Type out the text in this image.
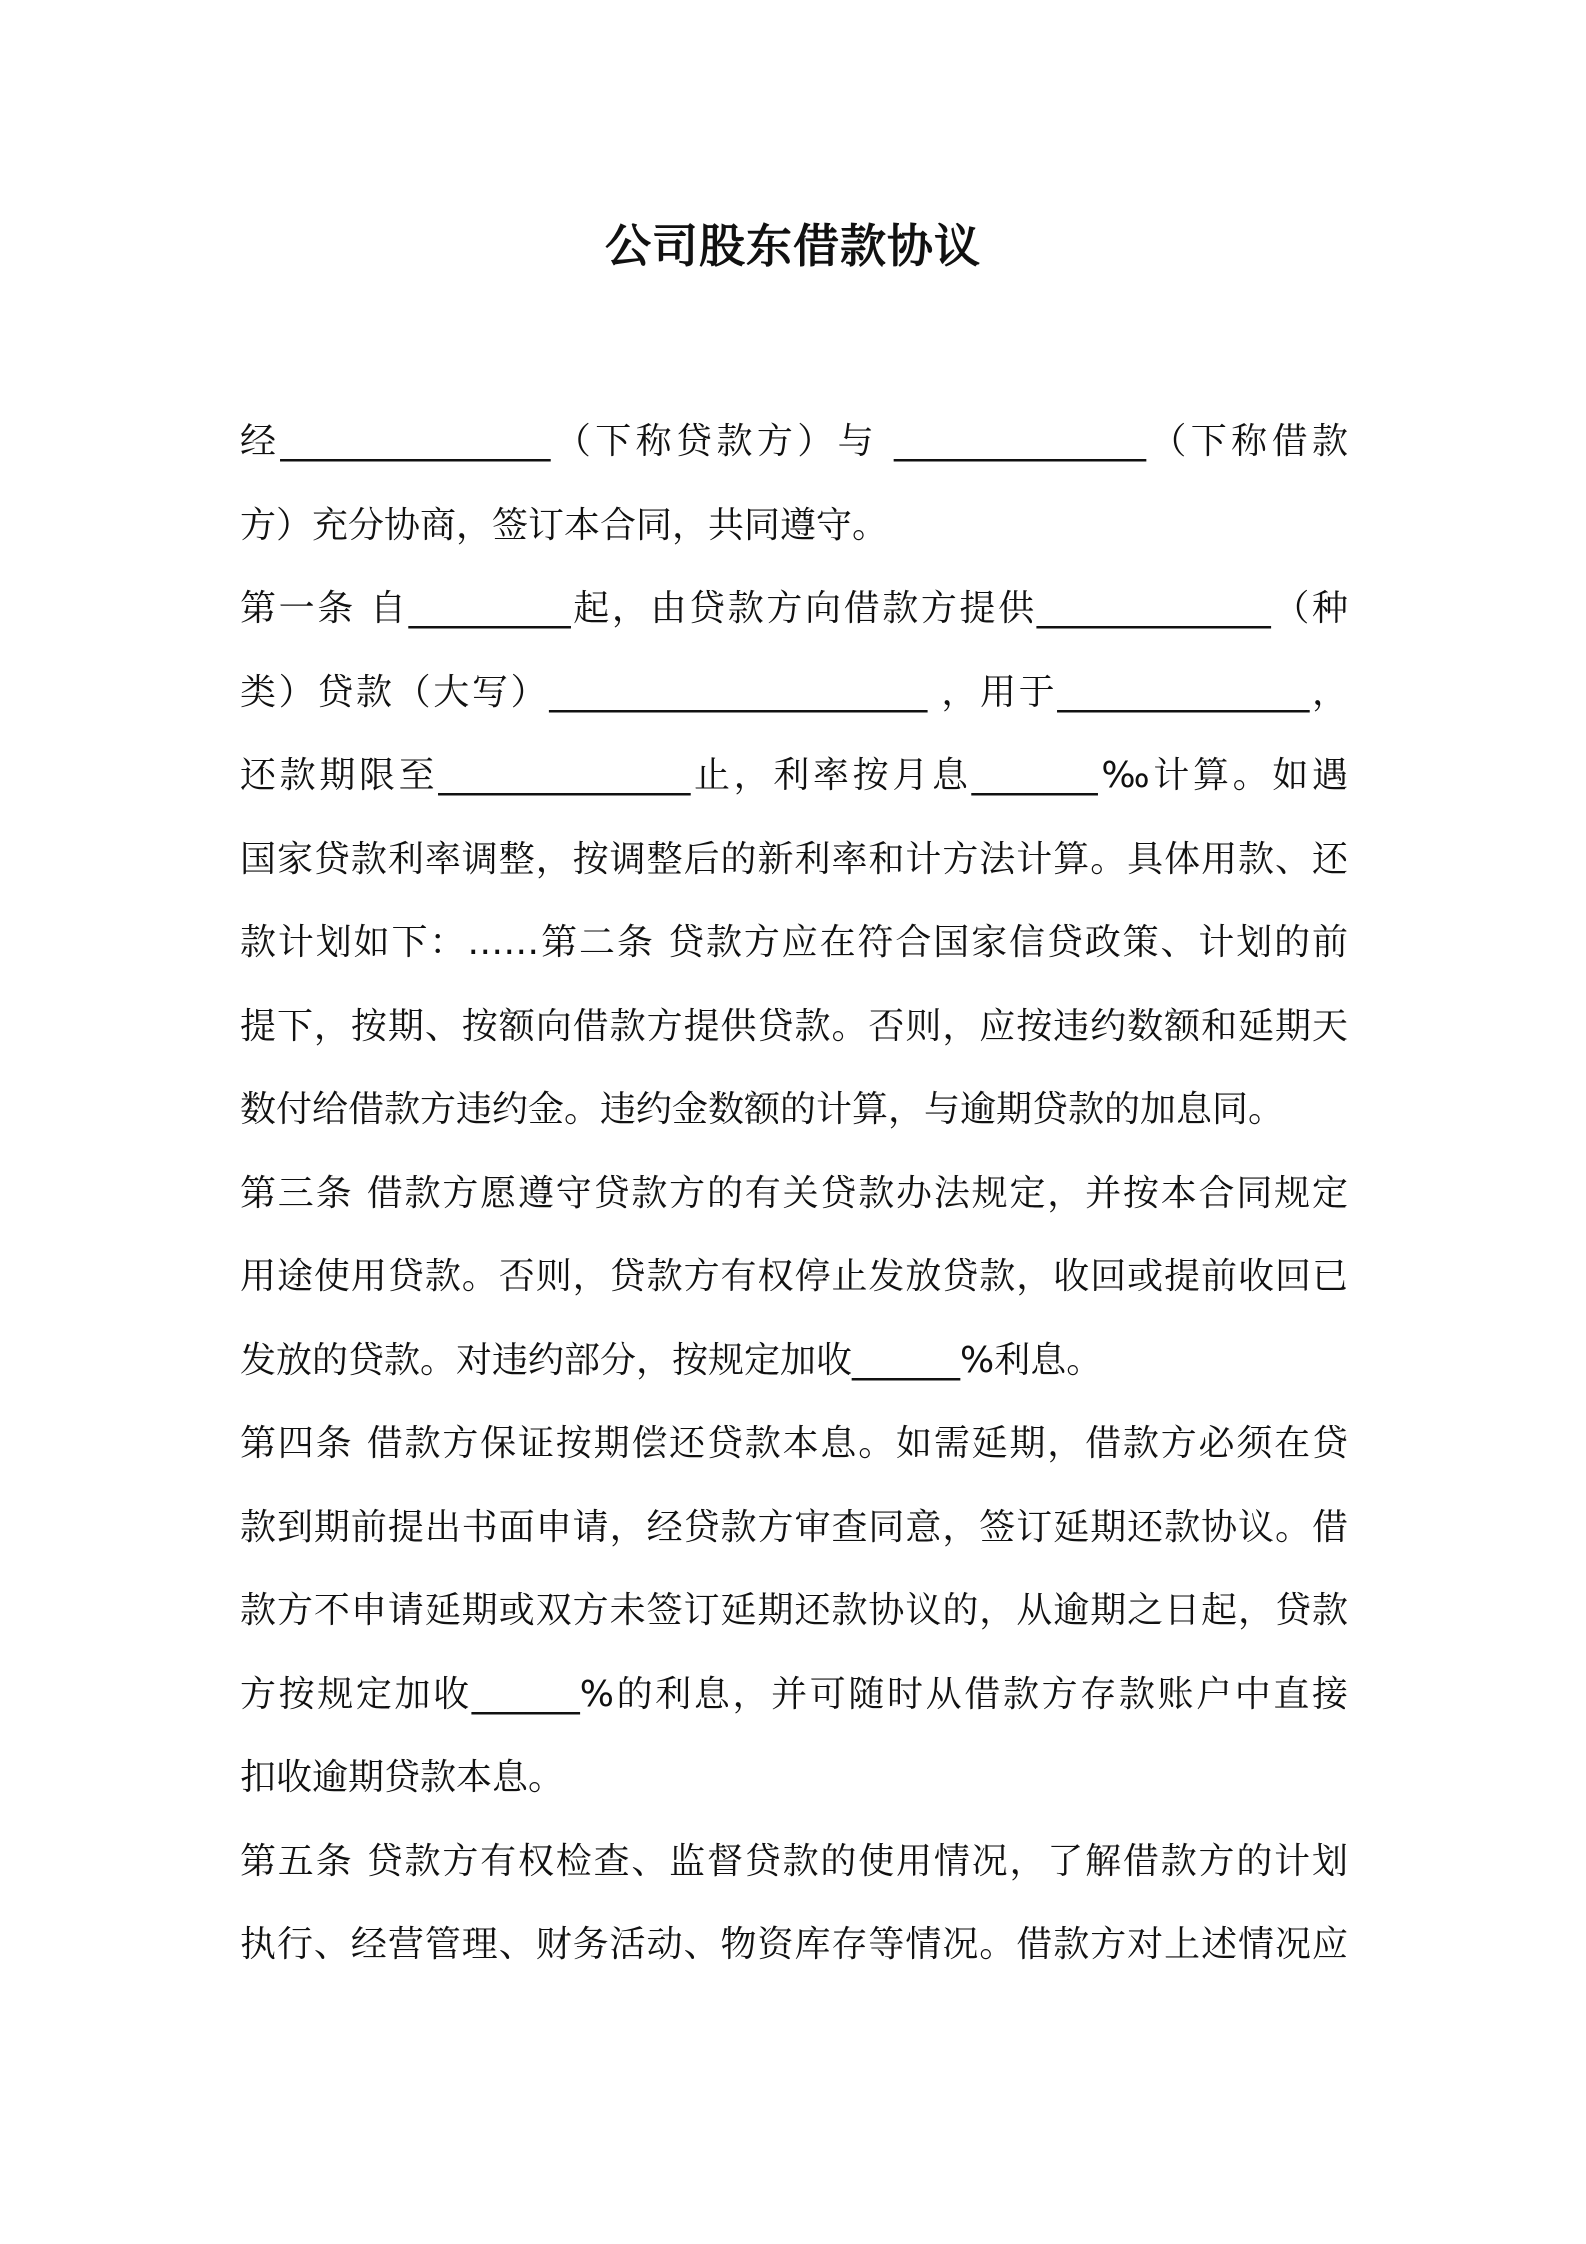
公司股东借款协议
经_______________（下称贷款方）与 ______________（下称借款
方）充分协商，签订本合同，共同遵守。
第一条 自_________起，由贷款方向借款方提供_____________（种
类）贷款（大写）_____________________ ，用于______________，
还款期限至______________止，利率按月息_______‰计算。如遇
国家贷款利率调整，按调整后的新利率和计方法计算。具体用款、还
款计划如下：……第二条 贷款方应在符合国家信贷政策、计划的前
提下，按期、按额向借款方提供贷款。否则，应按违约数额和延期天
数付给借款方违约金。违约金数额的计算，与逾期贷款的加息同。
第三条 借款方愿遵守贷款方的有关贷款办法规定，并按本合同规定
用途使用贷款。否则，贷款方有权停止发放贷款，收回或提前收回已
发放的贷款。对违约部分，按规定加收______%利息。
第四条 借款方保证按期偿还贷款本息。如需延期，借款方必须在贷
款到期前提出书面申请，经贷款方审查同意，签订延期还款协议。借
款方不申请延期或双方未签订延期还款协议的，从逾期之日起，贷款
方按规定加收______%的利息，并可随时从借款方存款账户中直接
扣收逾期贷款本息。
第五条 贷款方有权检查、监督贷款的使用情况，了解借款方的计划
执行、经营管理、财务活动、物资库存等情况。借款方对上述情况应
